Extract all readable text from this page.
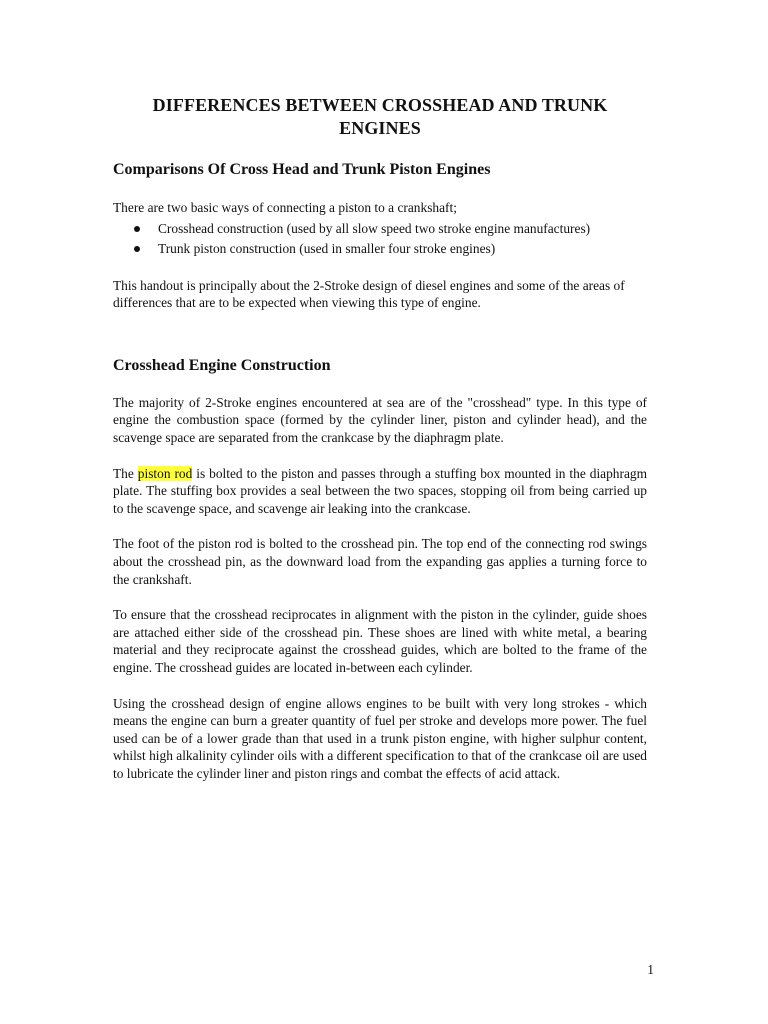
DIFFERENCES BETWEEN CROSSHEAD AND TRUNK ENGINES
Comparisons Of Cross Head and Trunk Piston Engines

There are two basic ways of connecting a piston to a crankshaft;

Crosshead construction (used by all slow speed two stroke engine manufactures)
Trunk piston construction (used in smaller four stroke engines)

This handout is principally about the 2-Stroke design of diesel engines and some of the areas of differences that are to be expected when viewing this type of engine.

Crosshead Engine Construction

The majority of 2-Stroke engines encountered at sea are of the "crosshead" type. In this type of engine the combustion space (formed by the cylinder liner, piston and cylinder head), and the scavenge space are separated from the crankcase by the diaphragm plate.

The piston rod is bolted to the piston and passes through a stuffing box mounted in the diaphragm plate. The stuffing box provides a seal between the two spaces, stopping oil from being carried up to the scavenge space, and scavenge air leaking into the crankcase.

The foot of the piston rod is bolted to the crosshead pin. The top end of the connecting rod swings about the crosshead pin, as the downward load from the expanding gas applies a turning force to the crankshaft.

To ensure that the crosshead reciprocates in alignment with the piston in the cylinder, guide shoes are attached either side of the crosshead pin. These shoes are lined with white metal, a bearing material and they reciprocate against the crosshead guides, which are bolted to the frame of the engine. The crosshead guides are located in-between each cylinder.

Using the crosshead design of engine allows engines to be built with very long strokes - which means the engine can burn a greater quantity of fuel per stroke and develops more power. The fuel used can be of a lower grade than that used in a trunk piston engine, with higher sulphur content, whilst high alkalinity cylinder oils with a different specification to that of the crankcase oil are used to lubricate the cylinder liner and piston rings and combat the effects of acid attack.

1
